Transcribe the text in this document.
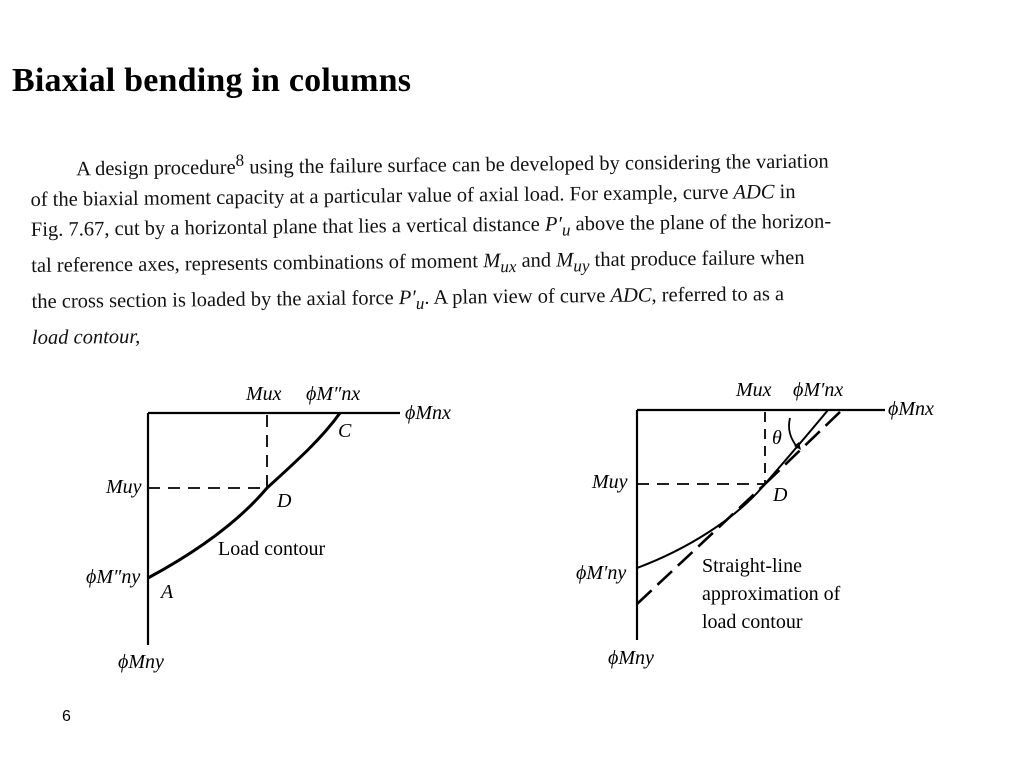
Biaxial bending in columns
A design procedure$^8$ using the failure surface can be developed by considering the variation
of the biaxial moment capacity at a particular value of axial load. For example, curve ADC in
Fig. 7.67, cut by a horizontal plane that lies a vertical distance $P'_u$ above the plane of the horizon-
tal reference axes, represents combinations of moment $M_{ux}$ and $M_{uy}$ that produce failure when
the cross section is loaded by the axial force $P'_u$. A plan view of curve ADC, referred to as a
load contour,
Mux ϕM″nx
ϕMnx
Muy
ϕM″ny
ϕMny
A
C
D
Load contour
Mux ϕM′nx
ϕMnx
Muy
ϕM′ny
ϕMny
θ
D
Straight-line
approximation of
load contour
6
